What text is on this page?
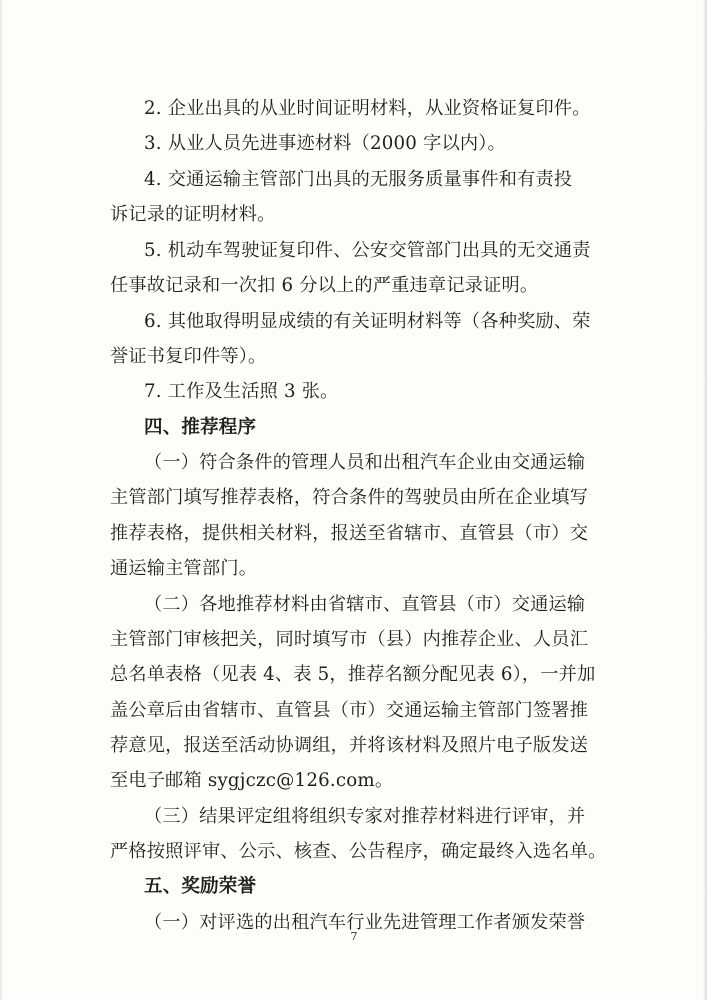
2. 企业出具的从业时间证明材料，从业资格证复印件。
3. 从业人员先进事迹材料（2000 字以内）。
4. 交通运输主管部门出具的无服务质量事件和有责投
诉记录的证明材料。
5. 机动车驾驶证复印件、公安交管部门出具的无交通责
任事故记录和一次扣 6 分以上的严重违章记录证明。
6. 其他取得明显成绩的有关证明材料等（各种奖励、荣
誉证书复印件等）。
7. 工作及生活照 3 张。
四、推荐程序
（一）符合条件的管理人员和出租汽车企业由交通运输
主管部门填写推荐表格，符合条件的驾驶员由所在企业填写
推荐表格，提供相关材料，报送至省辖市、直管县（市）交
通运输主管部门。
（二）各地推荐材料由省辖市、直管县（市）交通运输
主管部门审核把关，同时填写市（县）内推荐企业、人员汇
总名单表格（见表 4、表 5，推荐名额分配见表 6），一并加
盖公章后由省辖市、直管县（市）交通运输主管部门签署推
荐意见，报送至活动协调组，并将该材料及照片电子版发送
至电子邮箱 sygjczc@126.com。
（三）结果评定组将组织专家对推荐材料进行评审，并
严格按照评审、公示、核查、公告程序，确定最终入选名单。
五、奖励荣誉
（一）对评选的出租汽车行业先进管理工作者颁发荣誉
7
